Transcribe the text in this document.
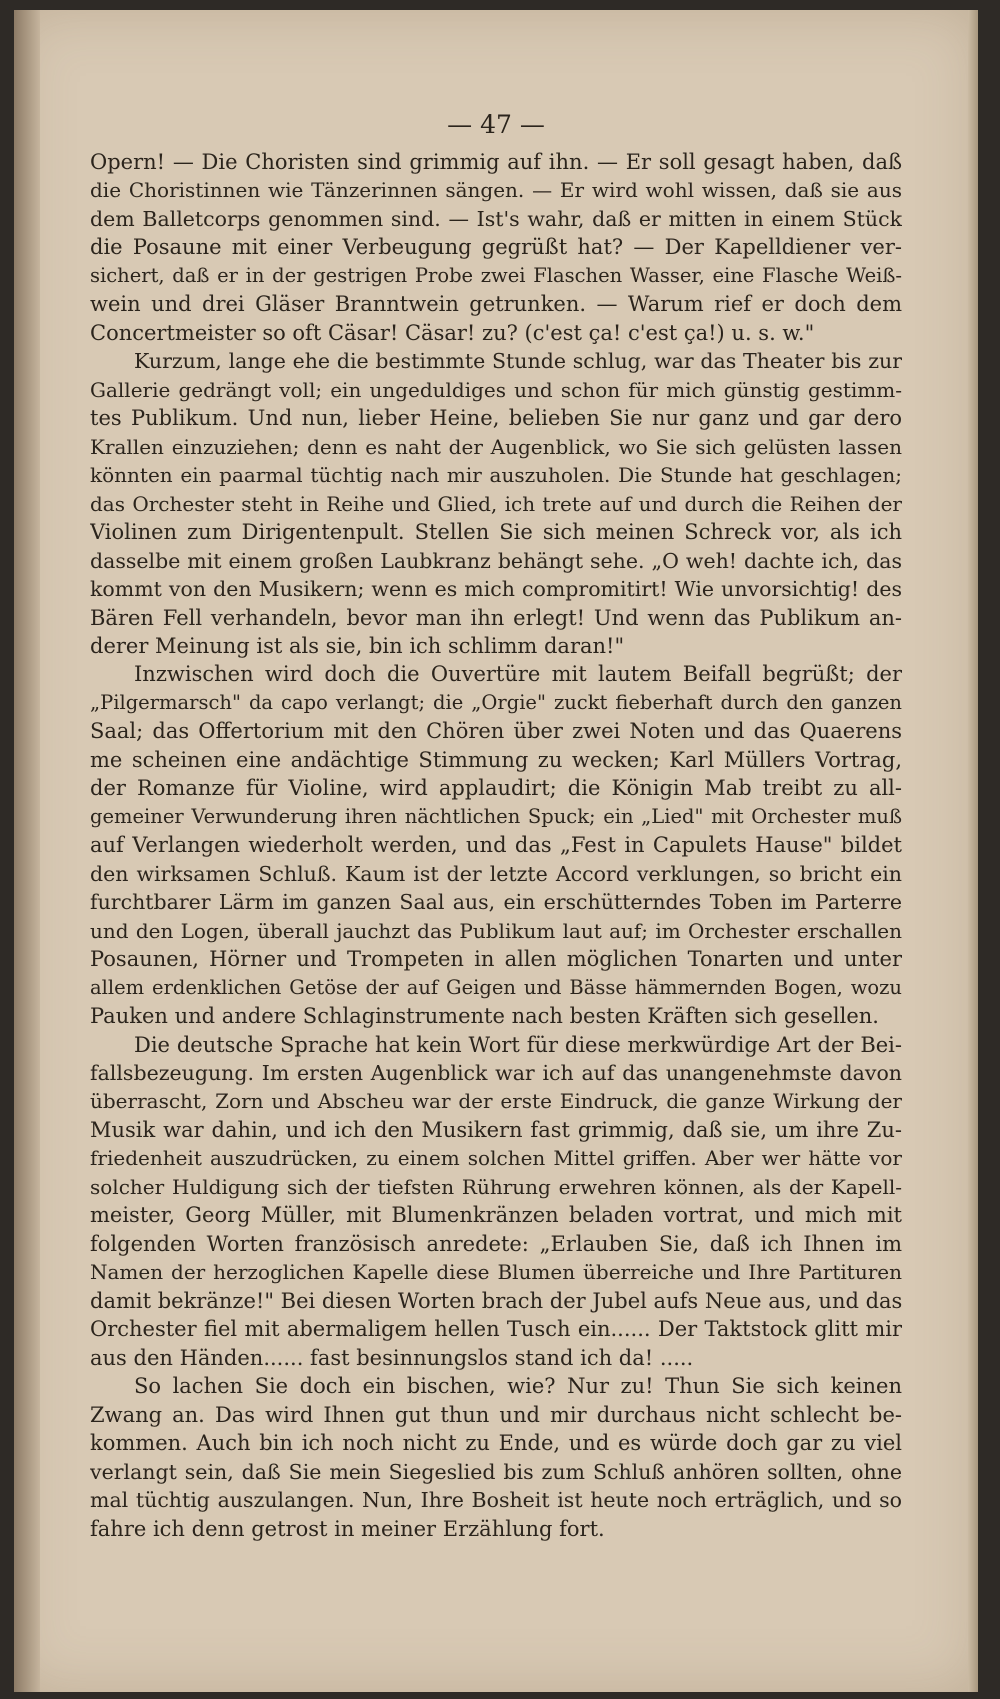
— 47 —
Opern! — Die Choristen sind grimmig auf ihn. — Er soll gesagt haben, daß
die Choristinnen wie Tänzerinnen sängen. — Er wird wohl wissen, daß sie aus
dem Balletcorps genommen sind. — Ist's wahr, daß er mitten in einem Stück
die Posaune mit einer Verbeugung gegrüßt hat? — Der Kapelldiener ver-
sichert, daß er in der gestrigen Probe zwei Flaschen Wasser, eine Flasche Weiß-
wein und drei Gläser Branntwein getrunken. — Warum rief er doch dem
Concertmeister so oft Cäsar! Cäsar! zu? (c'est ça! c'est ça!) u. s. w."
Kurzum, lange ehe die bestimmte Stunde schlug, war das Theater bis zur
Gallerie gedrängt voll; ein ungeduldiges und schon für mich günstig gestimm-
tes Publikum. Und nun, lieber Heine, belieben Sie nur ganz und gar dero
Krallen einzuziehen; denn es naht der Augenblick, wo Sie sich gelüsten lassen
könnten ein paarmal tüchtig nach mir auszuholen. Die Stunde hat geschlagen;
das Orchester steht in Reihe und Glied, ich trete auf und durch die Reihen der
Violinen zum Dirigentenpult. Stellen Sie sich meinen Schreck vor, als ich
dasselbe mit einem großen Laubkranz behängt sehe. „O weh! dachte ich, das
kommt von den Musikern; wenn es mich compromitirt! Wie unvorsichtig! des
Bären Fell verhandeln, bevor man ihn erlegt! Und wenn das Publikum an-
derer Meinung ist als sie, bin ich schlimm daran!"
Inzwischen wird doch die Ouvertüre mit lautem Beifall begrüßt; der
„Pilgermarsch" da capo verlangt; die „Orgie" zuckt fieberhaft durch den ganzen
Saal; das Offertorium mit den Chören über zwei Noten und das Quaerens
me scheinen eine andächtige Stimmung zu wecken; Karl Müllers Vortrag,
der Romanze für Violine, wird applaudirt; die Königin Mab treibt zu all-
gemeiner Verwunderung ihren nächtlichen Spuck; ein „Lied" mit Orchester muß
auf Verlangen wiederholt werden, und das „Fest in Capulets Hause" bildet
den wirksamen Schluß. Kaum ist der letzte Accord verklungen, so bricht ein
furchtbarer Lärm im ganzen Saal aus, ein erschütterndes Toben im Parterre
und den Logen, überall jauchzt das Publikum laut auf; im Orchester erschallen
Posaunen, Hörner und Trompeten in allen möglichen Tonarten und unter
allem erdenklichen Getöse der auf Geigen und Bässe hämmernden Bogen, wozu
Pauken und andere Schlaginstrumente nach besten Kräften sich gesellen.
Die deutsche Sprache hat kein Wort für diese merkwürdige Art der Bei-
fallsbezeugung. Im ersten Augenblick war ich auf das unangenehmste davon
überrascht, Zorn und Abscheu war der erste Eindruck, die ganze Wirkung der
Musik war dahin, und ich den Musikern fast grimmig, daß sie, um ihre Zu-
friedenheit auszudrücken, zu einem solchen Mittel griffen. Aber wer hätte vor
solcher Huldigung sich der tiefsten Rührung erwehren können, als der Kapell-
meister, Georg Müller, mit Blumenkränzen beladen vortrat, und mich mit
folgenden Worten französisch anredete: „Erlauben Sie, daß ich Ihnen im
Namen der herzoglichen Kapelle diese Blumen überreiche und Ihre Partituren
damit bekränze!" Bei diesen Worten brach der Jubel aufs Neue aus, und das
Orchester fiel mit abermaligem hellen Tusch ein...... Der Taktstock glitt mir
aus den Händen...... fast besinnungslos stand ich da! .....
So lachen Sie doch ein bischen, wie? Nur zu! Thun Sie sich keinen
Zwang an. Das wird Ihnen gut thun und mir durchaus nicht schlecht be-
kommen. Auch bin ich noch nicht zu Ende, und es würde doch gar zu viel
verlangt sein, daß Sie mein Siegeslied bis zum Schluß anhören sollten, ohne
mal tüchtig auszulangen. Nun, Ihre Bosheit ist heute noch erträglich, und so
fahre ich denn getrost in meiner Erzählung fort.
